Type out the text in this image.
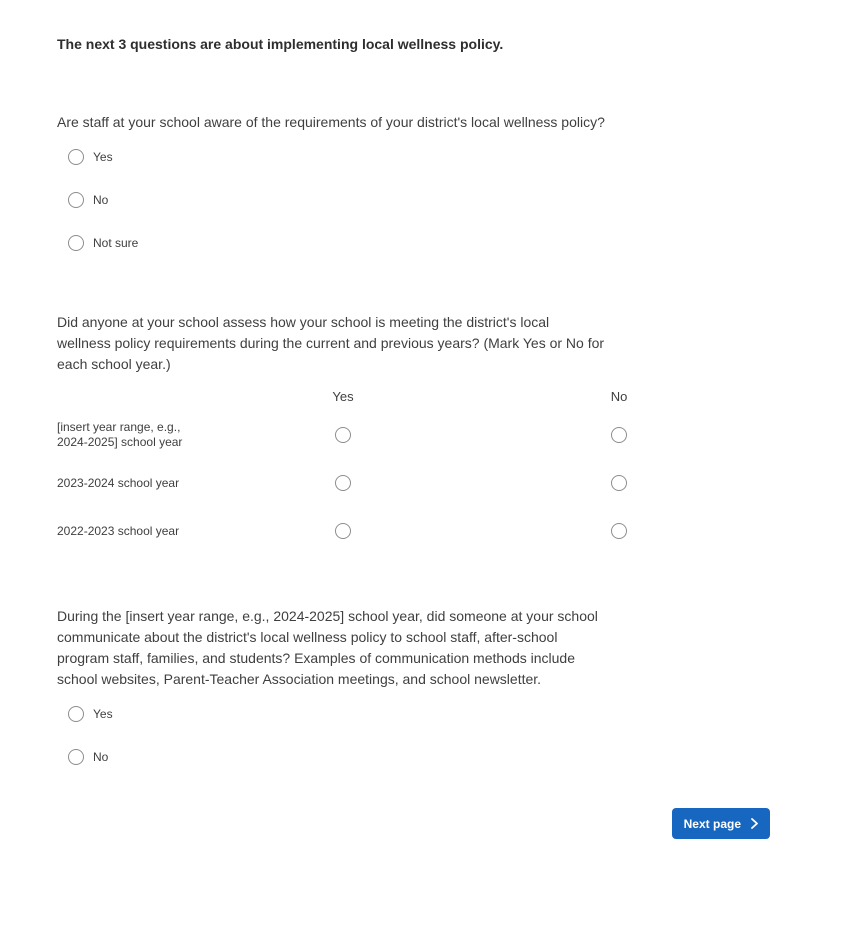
The next 3 questions are about implementing local wellness policy.
Are staff at your school aware of the requirements of your district's local wellness policy?
Yes
No
Not sure
Did anyone at your school assess how your school is meeting the district's local wellness policy requirements during the current and previous years? (Mark Yes or No for each school year.)
Yes	No
[insert year range, e.g., 2024-2025] school year
2023-2024 school year
2022-2023 school year
During the [insert year range, e.g., 2024-2025] school year, did someone at your school communicate about the district's local wellness policy to school staff, after-school program staff, families, and students? Examples of communication methods include school websites, Parent-Teacher Association meetings, and school newsletter.
Yes
No
Next page
